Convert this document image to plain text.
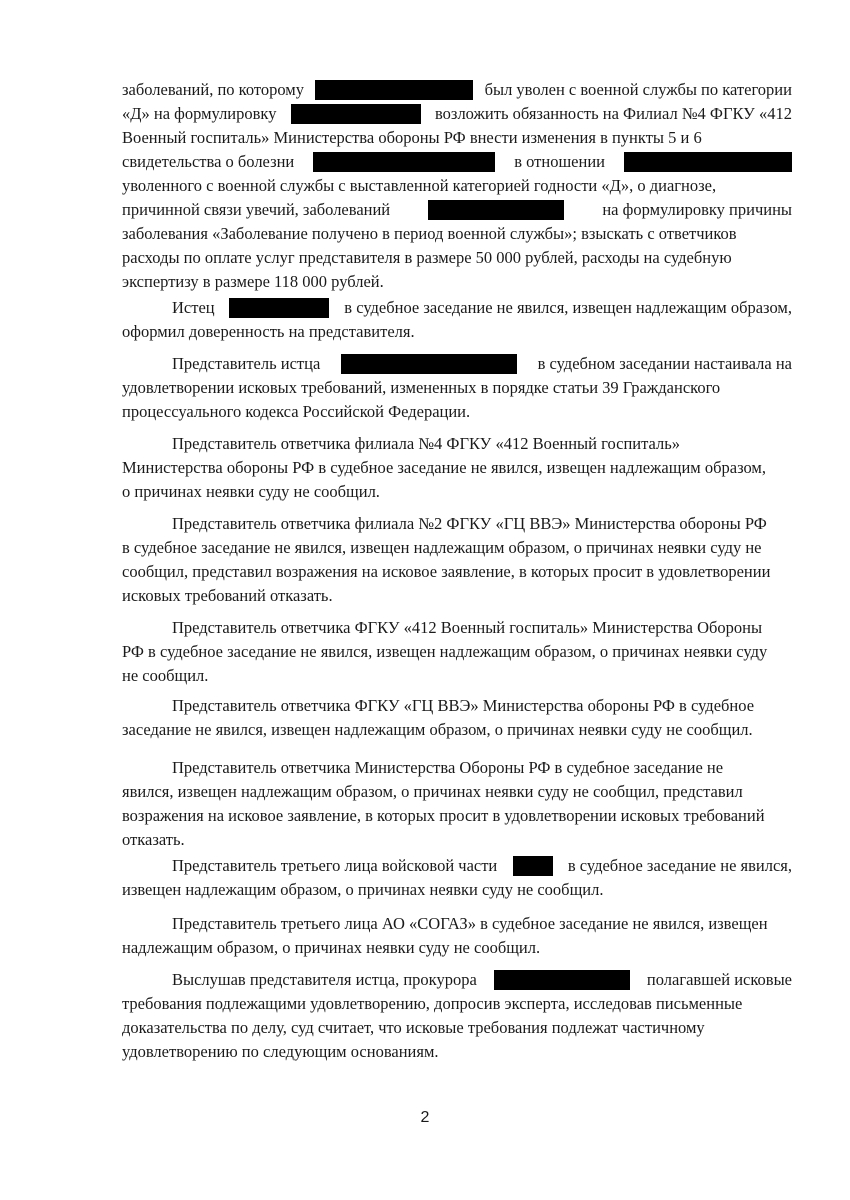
заболеваний, по которому	был уволен с военной службы по категории
«Д» на формулировку	возложить обязанность на Филиал №4 ФГКУ «412
Военный госпиталь» Министерства обороны РФ внести изменения в пункты 5 и 6
свидетельства о болезни	в отношении
уволенного с военной службы с выставленной категорией годности «Д», о диагнозе,
причинной связи увечий, заболеваний	на формулировку причины
заболевания «Заболевание получено в период военной службы»; взыскать с ответчиков
расходы по оплате услуг представителя в размере 50 000 рублей, расходы на судебную
экспертизу в размере 118 000 рублей.
Истец	в судебное заседание не явился, извещен надлежащим образом,
оформил доверенность на представителя.
Представитель истца	в судебном заседании настаивала на
удовлетворении исковых требований, измененных в порядке статьи 39 Гражданского
процессуального кодекса Российской Федерации.
Представитель ответчика филиала №4 ФГКУ «412 Военный госпиталь»
Министерства обороны РФ в судебное заседание не явился, извещен надлежащим образом,
о причинах неявки суду не сообщил.
Представитель ответчика филиала №2 ФГКУ «ГЦ ВВЭ» Министерства обороны РФ
в судебное заседание не явился, извещен надлежащим образом, о причинах неявки суду не
сообщил, представил возражения на исковое заявление, в которых просит в удовлетворении
исковых требований отказать.
Представитель ответчика ФГКУ «412 Военный госпиталь» Министерства Обороны
РФ в судебное заседание не явился, извещен надлежащим образом, о причинах неявки суду
не сообщил.
Представитель ответчика ФГКУ «ГЦ ВВЭ» Министерства обороны РФ в судебное
заседание не явился, извещен надлежащим образом, о причинах неявки суду не сообщил.
Представитель ответчика Министерства Обороны РФ в судебное заседание не
явился, извещен надлежащим образом, о причинах неявки суду не сообщил, представил
возражения на исковое заявление, в которых просит в удовлетворении исковых требований
отказать.
Представитель третьего лица войсковой части	в судебное заседание не явился,
извещен надлежащим образом, о причинах неявки суду не сообщил.
Представитель третьего лица АО «СОГАЗ» в судебное заседание не явился, извещен
надлежащим образом, о причинах неявки суду не сообщил.
Выслушав представителя истца, прокурора	полагавшей исковые
требования подлежащими удовлетворению, допросив эксперта, исследовав письменные
доказательства по делу, суд считает, что исковые требования подлежат частичному
удовлетворению по следующим основаниям.
2
